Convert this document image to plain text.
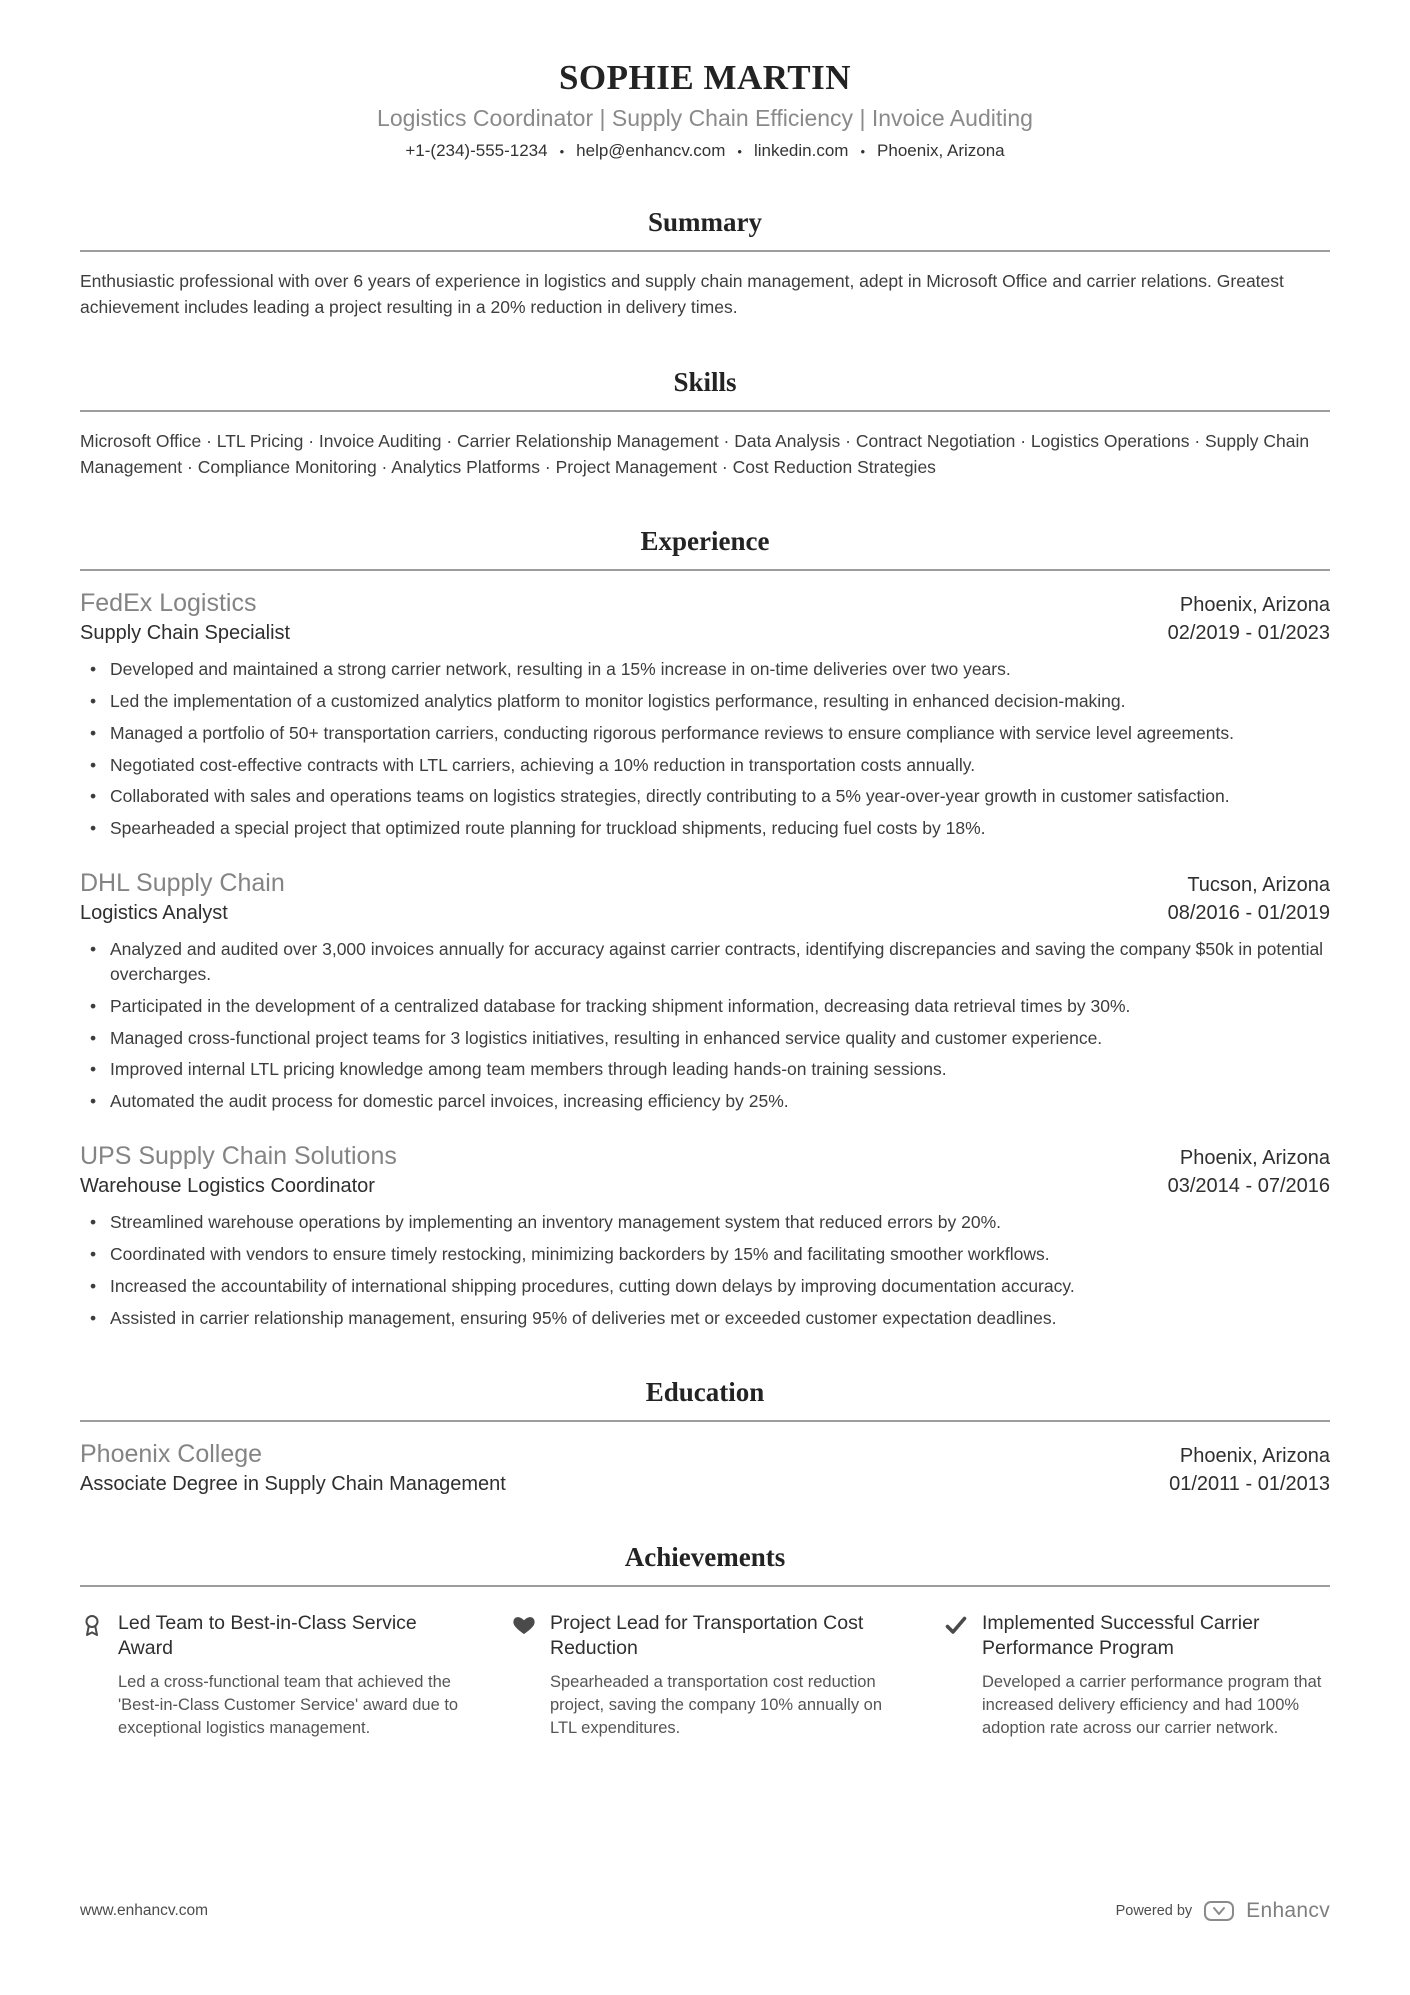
SOPHIE MARTIN
Logistics Coordinator | Supply Chain Efficiency | Invoice Auditing
+1-(234)-555-1234 • help@enhancv.com • linkedin.com • Phoenix, Arizona
Summary

Enthusiastic professional with over 6 years of experience in logistics and supply chain management, adept in Microsoft Office and carrier relations. Greatest achievement includes leading a project resulting in a 20% reduction in delivery times.

Skills

Microsoft Office · LTL Pricing · Invoice Auditing · Carrier Relationship Management · Data Analysis · Contract Negotiation · Logistics Operations · Supply Chain Management · Compliance Monitoring · Analytics Platforms · Project Management · Cost Reduction Strategies

Experience
FedEx Logistics	Phoenix, Arizona
Supply Chain Specialist	02/2019 - 01/2023
• Developed and maintained a strong carrier network, resulting in a 15% increase in on-time deliveries over two years.
• Led the implementation of a customized analytics platform to monitor logistics performance, resulting in enhanced decision-making.
• Managed a portfolio of 50+ transportation carriers, conducting rigorous performance reviews to ensure compliance with service level agreements.
• Negotiated cost-effective contracts with LTL carriers, achieving a 10% reduction in transportation costs annually.
• Collaborated with sales and operations teams on logistics strategies, directly contributing to a 5% year-over-year growth in customer satisfaction.
• Spearheaded a special project that optimized route planning for truckload shipments, reducing fuel costs by 18%.
DHL Supply Chain	Tucson, Arizona
Logistics Analyst	08/2016 - 01/2019
• Analyzed and audited over 3,000 invoices annually for accuracy against carrier contracts, identifying discrepancies and saving the company $50k in potential overcharges.
• Participated in the development of a centralized database for tracking shipment information, decreasing data retrieval times by 30%.
• Managed cross-functional project teams for 3 logistics initiatives, resulting in enhanced service quality and customer experience.
• Improved internal LTL pricing knowledge among team members through leading hands-on training sessions.
• Automated the audit process for domestic parcel invoices, increasing efficiency by 25%.
UPS Supply Chain Solutions	Phoenix, Arizona
Warehouse Logistics Coordinator	03/2014 - 07/2016
• Streamlined warehouse operations by implementing an inventory management system that reduced errors by 20%.
• Coordinated with vendors to ensure timely restocking, minimizing backorders by 15% and facilitating smoother workflows.
• Increased the accountability of international shipping procedures, cutting down delays by improving documentation accuracy.
• Assisted in carrier relationship management, ensuring 95% of deliveries met or exceeded customer expectation deadlines.
Education
Phoenix College	Phoenix, Arizona
Associate Degree in Supply Chain Management	01/2011 - 01/2013
Achievements
Led Team to Best-in-Class Service Award

Led a cross-functional team that achieved the 'Best-in-Class Customer Service' award due to exceptional logistics management.

Project Lead for Transportation Cost Reduction

Spearheaded a transportation cost reduction project, saving the company 10% annually on LTL expenditures.

Implemented Successful Carrier Performance Program

Developed a carrier performance program that increased delivery efficiency and had 100% adoption rate across our carrier network.

www.enhancv.com	Powered by	Enhancv
